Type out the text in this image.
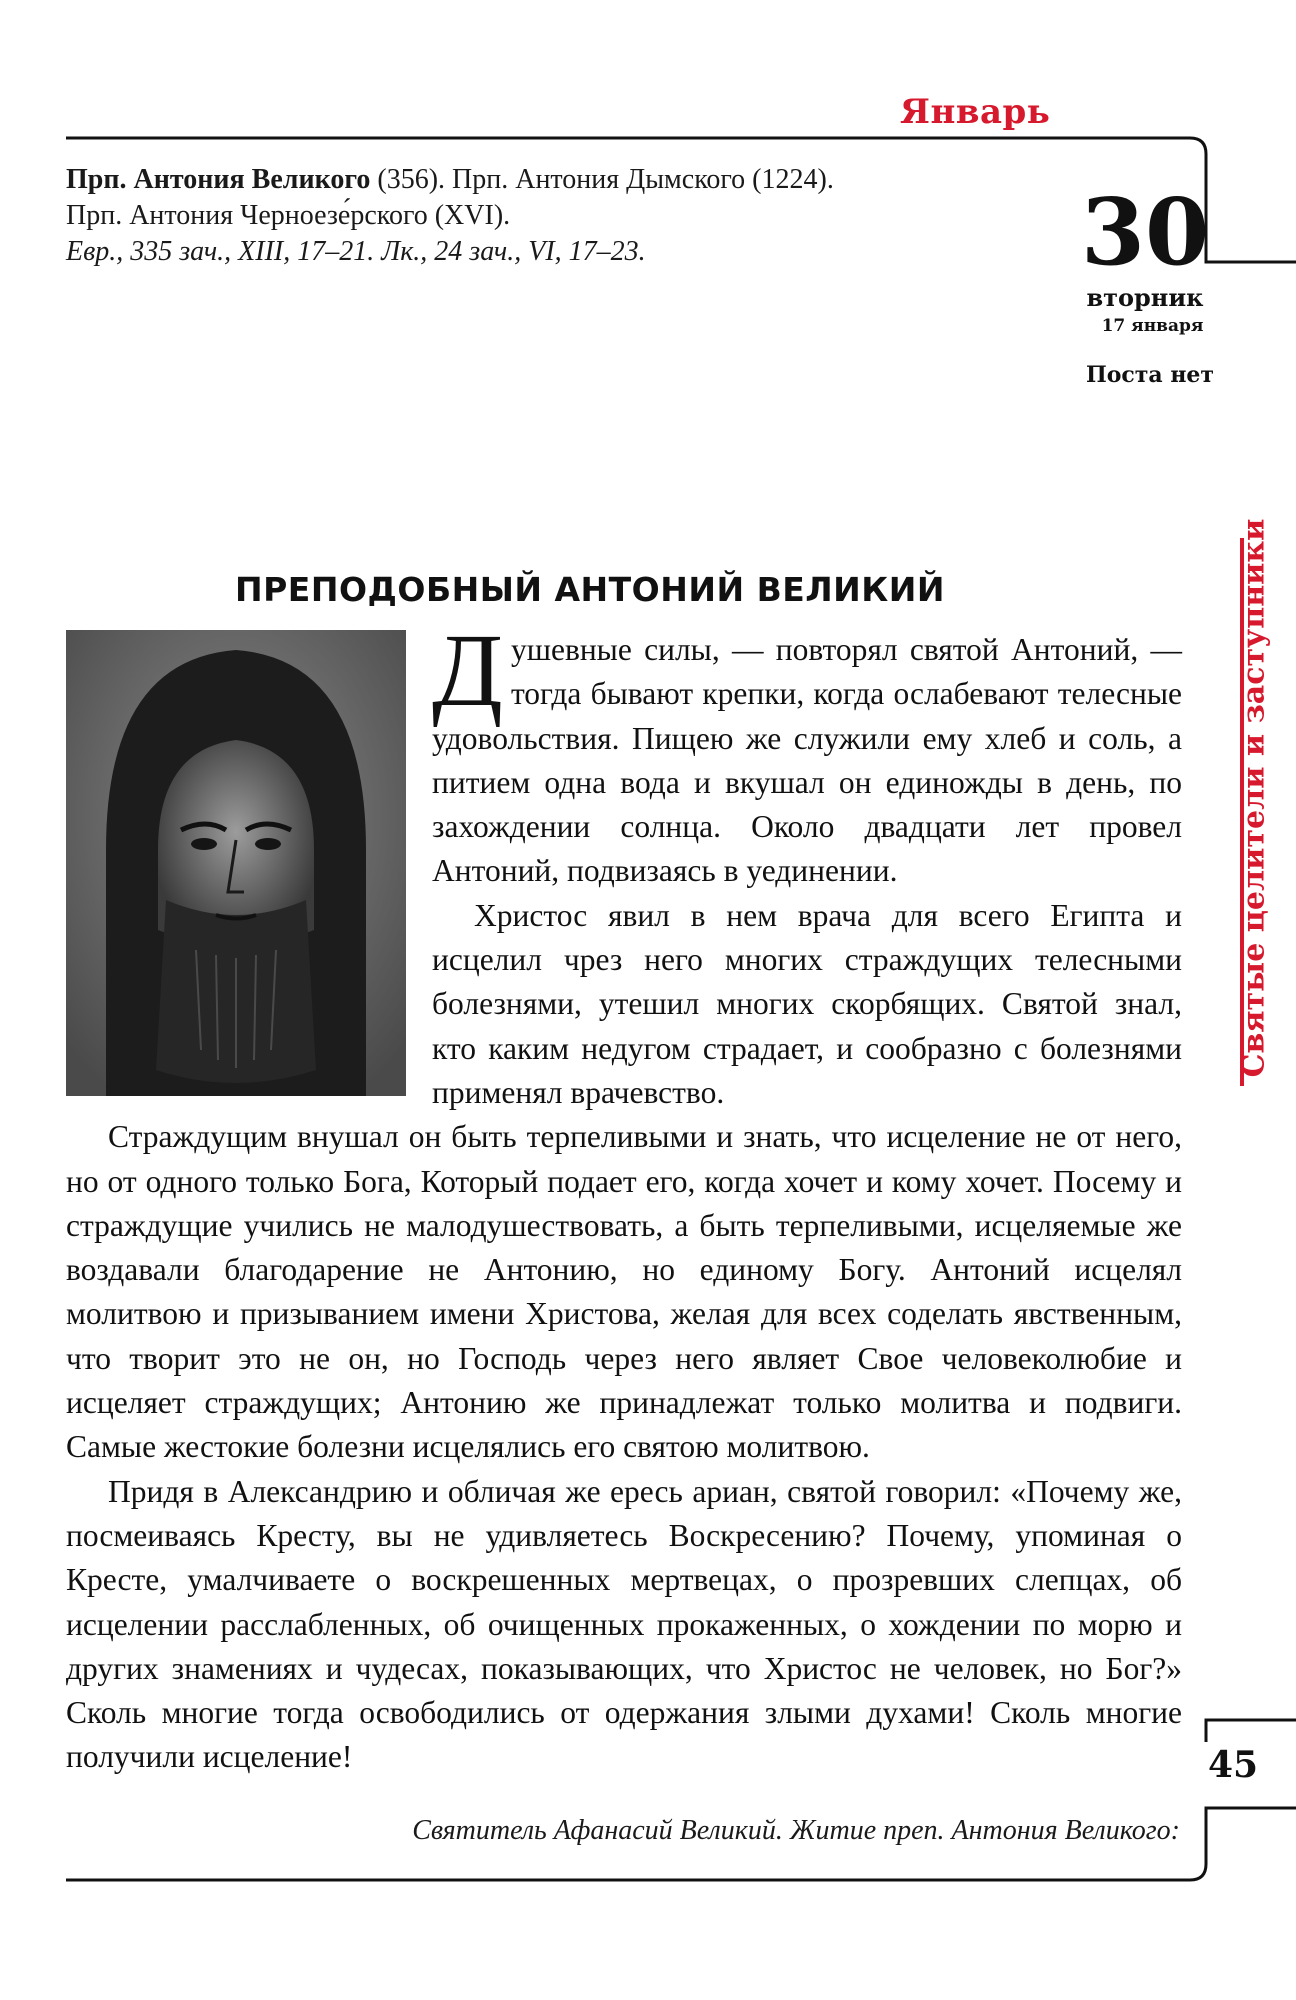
Январь
Прп. Антония Великого (356). Прп. Антония Дымского (1224).
Прп. Антония Черноезе́рского (XVI).
Евр., 335 зач., XIII, 17–21. Лк., 24 зач., VI, 17–23.	30
вторник
17 января
Поста нет
Святые целители и заступники
ПРЕПОДОБНЫЙ АНТОНИЙ ВЕЛИКИЙ

Душевные силы, — повторял святой Антоний, — тогда бывают крепки, когда ослабевают телесные удовольствия. Пищею же служили ему хлеб и соль, а питием одна вода и вкушал он единожды в день, по захождении солнца. Около двадцати лет провел Антоний, подвизаясь в уединении.

Христос явил в нем врача для всего Египта и исцелил чрез него многих страждущих телесными болезнями, утешил многих скорбящих. Святой знал, кто каким недугом страдает, и сообразно с болезнями применял врачевство.

Страждущим внушал он быть терпеливыми и знать, что исцеление не от него, но от одного только Бога, Который подает его, когда хочет и кому хочет. Посему и страждущие учились не малодушествовать, а быть терпеливыми, исцеляемые же воздавали благодарение не Антонию, но единому Богу. Антоний исцелял молитвою и призыванием имени Христова, желая для всех соделать явственным, что творит это не он, но Господь через него являет Свое человеколюбие и исцеляет страждущих; Антонию же принадлежат только молитва и подвиги. Самые жестокие болезни исцелялись его святою молитвою.

Придя в Александрию и обличая же ересь ариан, святой говорил: «Почему же, посмеиваясь Кресту, вы не удивляетесь Воскресению? Почему, упоминая о Кресте, умалчиваете о воскрешенных мертвецах, о прозревших слепцах, об исцелении расслабленных, об очищенных прокаженных, о хождении по морю и других знамениях и чудесах, показывающих, что Христос не человек, но Бог?» Сколь многие тогда освободились от одержания злыми духами! Сколь многие получили исцеление!

Святитель Афанасий Великий. Житие преп. Антония Великого:
45
